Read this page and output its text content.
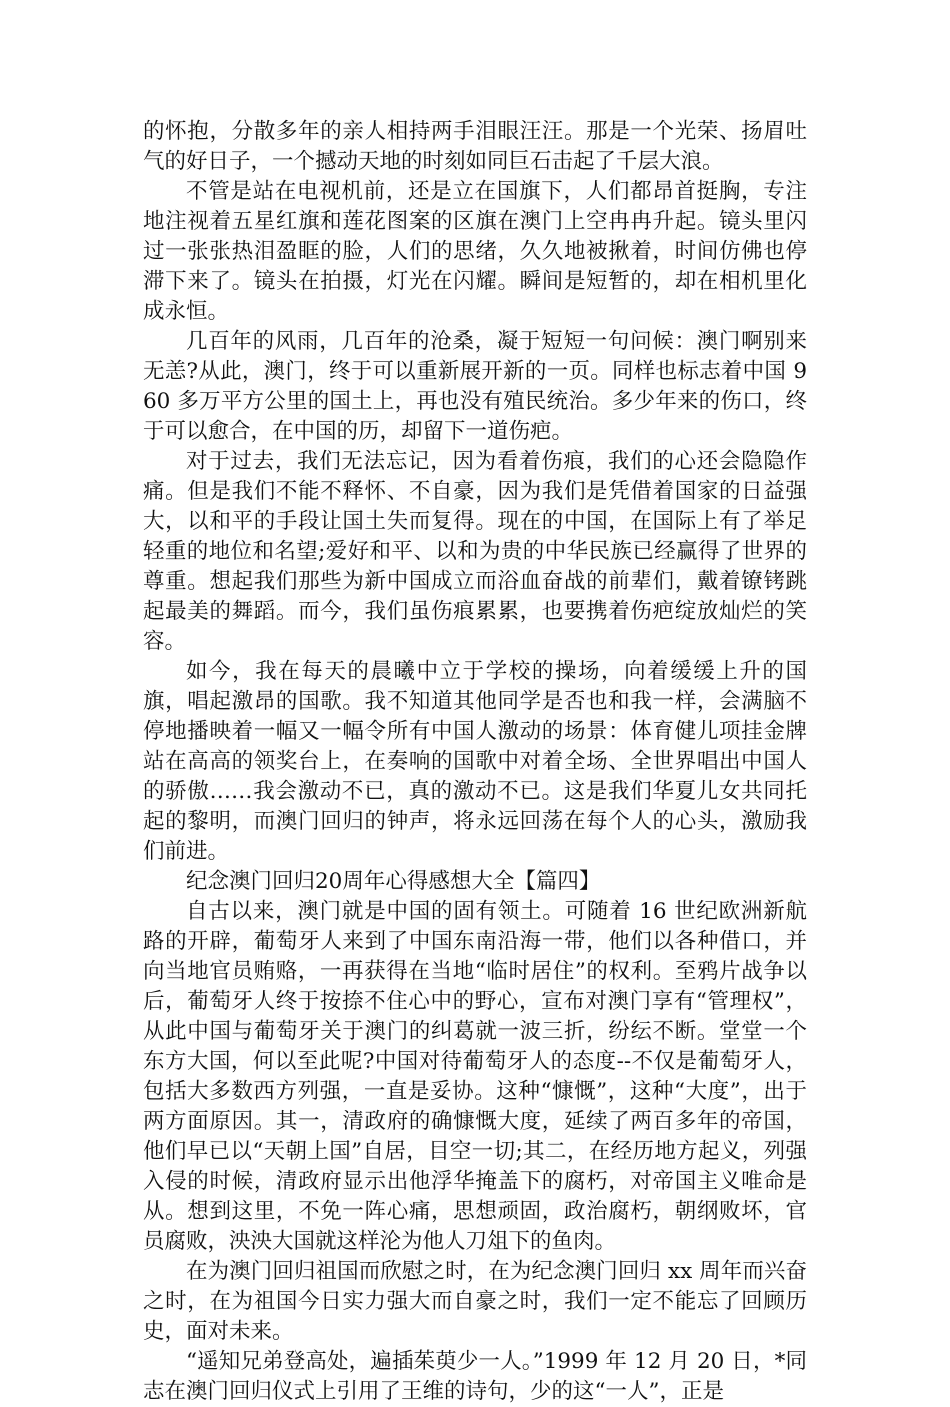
的怀抱，分散多年的亲人相持两手泪眼汪汪。那是一个光荣、扬眉吐气的好日子，一个撼动天地的时刻如同巨石击起了千层大浪。

不管是站在电视机前，还是立在国旗下，人们都昂首挺胸，专注地注视着五星红旗和莲花图案的区旗在澳门上空冉冉升起。镜头里闪过一张张热泪盈眶的脸，人们的思绪，久久地被揪着，时间仿佛也停滞下来了。镜头在拍摄，灯光在闪耀。瞬间是短暂的，却在相机里化成永恒。

几百年的风雨，几百年的沧桑，凝于短短一句问候：澳门啊别来无恙?从此，澳门，终于可以重新展开新的一页。同样也标志着中国 960 多万平方公里的国土上，再也没有殖民统治。多少年来的伤口，终于可以愈合，在中国的历，却留下一道伤疤。

对于过去，我们无法忘记，因为看着伤痕，我们的心还会隐隐作痛。但是我们不能不释怀、不自豪，因为我们是凭借着国家的日益强大，以和平的手段让国土失而复得。现在的中国，在国际上有了举足轻重的地位和名望;爱好和平、以和为贵的中华民族已经赢得了世界的尊重。想起我们那些为新中国成立而浴血奋战的前辈们，戴着镣铐跳起最美的舞蹈。而今，我们虽伤痕累累，也要携着伤疤绽放灿烂的笑容。

如今，我在每天的晨曦中立于学校的操场，向着缓缓上升的国旗，唱起激昂的国歌。我不知道其他同学是否也和我一样，会满脑不停地播映着一幅又一幅令所有中国人激动的场景：体育健儿项挂金牌站在高高的领奖台上，在奏响的国歌中对着全场、全世界唱出中国人的骄傲……我会激动不已，真的激动不已。这是我们华夏儿女共同托起的黎明，而澳门回归的钟声，将永远回荡在每个人的心头，激励我们前进。

纪念澳门回归20周年心得感想大全【篇四】

自古以来，澳门就是中国的固有领土。可随着 16 世纪欧洲新航路的开辟，葡萄牙人来到了中国东南沿海一带，他们以各种借口，并向当地官员贿赂，一再获得在当地“临时居住”的权利。至鸦片战争以后，葡萄牙人终于按捺不住心中的野心，宣布对澳门享有“管理权”，从此中国与葡萄牙关于澳门的纠葛就一波三折，纷纭不断。堂堂一个东方大国，何以至此呢?中国对待葡萄牙人的态度--不仅是葡萄牙人，包括大多数西方列强，一直是妥协。这种“慷慨”，这种“大度”，出于两方面原因。其一，清政府的确慷慨大度，延续了两百多年的帝国，他们早已以“天朝上国”自居，目空一切;其二，在经历地方起义，列强入侵的时候，清政府显示出他浮华掩盖下的腐朽，对帝国主义唯命是从。想到这里，不免一阵心痛，思想顽固，政治腐朽，朝纲败坏，官员腐败，泱泱大国就这样沦为他人刀俎下的鱼肉。

在为澳门回归祖国而欣慰之时，在为纪念澳门回归 xx 周年而兴奋之时，在为祖国今日实力强大而自豪之时，我们一定不能忘了回顾历史，面对未来。

“遥知兄弟登高处，遍插茱萸少一人。”1999 年 12 月 20 日，*同志在澳门回归仪式上引用了王维的诗句，少的这“一人”，正是
